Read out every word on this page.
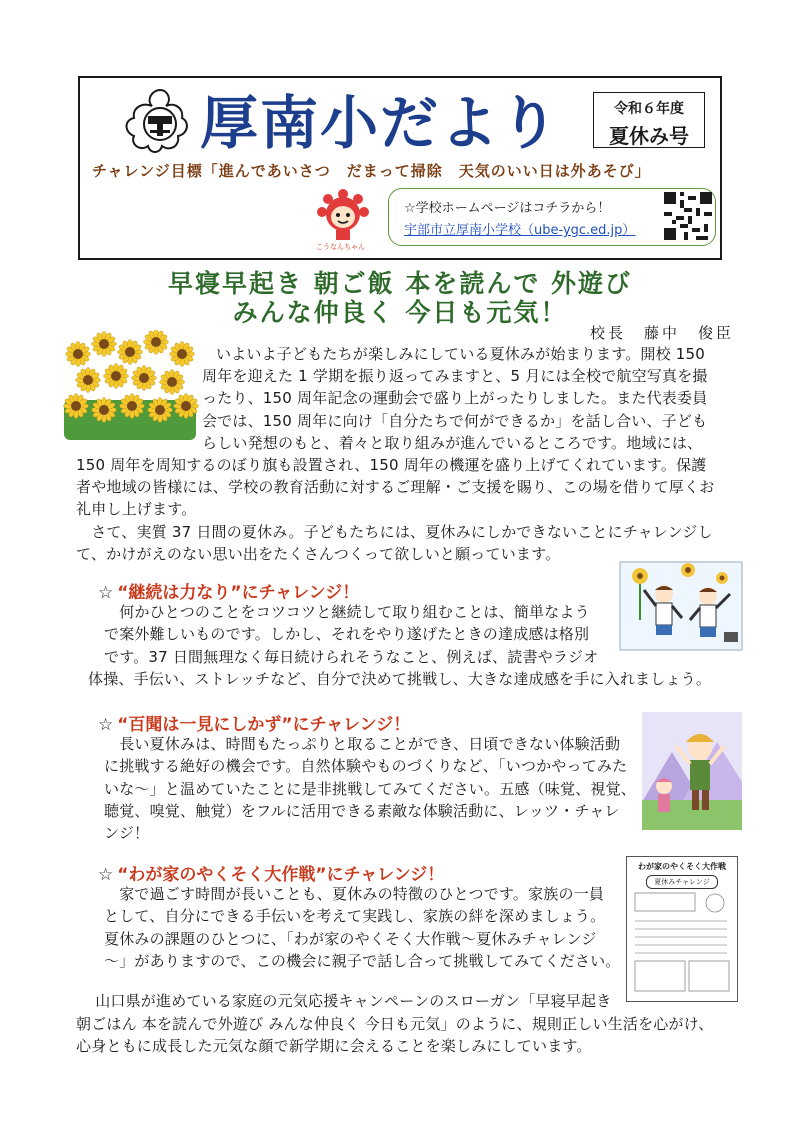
厚南小だより	令和６年度
夏休み号
チャレンジ目標「進んであいさつ　だまって掃除　天気のいい日は外あそび」
こうなんちゃん
☆学校ホームページはコチラから！
宇部市立厚南小学校（ube-ygc.ed.jp）
早寝早起き 朝ご飯 本を読んで 外遊び
みんな仲良く 今日も元気！
校長　藤中　俊臣
いよいよ子どもたちが楽しみにしている夏休みが始まります。開校 150
周年を迎えた 1 学期を振り返ってみますと、5 月には全校で航空写真を撮
ったり、150 周年記念の運動会で盛り上がったりしました。また代表委員
会では、150 周年に向け「自分たちで何ができるか」を話し合い、子ども
らしい発想のもと、着々と取り組みが進んでいるところです。地域には、
150 周年を周知するのぼり旗も設置され、150 周年の機運を盛り上げてくれています。保護
者や地域の皆様には、学校の教育活動に対するご理解・ご支援を賜り、この場を借りて厚くお
礼申し上げます。
　さて、実質 37 日間の夏休み。子どもたちには、夏休みにしかできないことにチャレンジし
て、かけがえのない思い出をたくさんつくって欲しいと願っています。
☆ “継続は力なり”にチャレンジ！
　何かひとつのことをコツコツと継続して取り組むことは、簡単なよう
で案外難しいものです。しかし、それをやり遂げたときの達成感は格別
です。37 日間無理なく毎日続けられそうなこと、例えば、読書やラジオ
体操、手伝い、ストレッチなど、自分で決めて挑戦し、大きな達成感を手に入れましょう。
☆ “百聞は一見にしかず”にチャレンジ！
　長い夏休みは、時間もたっぷりと取ることができ、日頃できない体験活動
に挑戦する絶好の機会です。自然体験やものづくりなど、「いつかやってみた
いな～」と温めていたことに是非挑戦してみてください。五感（味覚、視覚、
聴覚、嗅覚、触覚）をフルに活用できる素敵な体験活動に、レッツ・チャレ
ンジ！
☆ “わが家のやくそく大作戦”にチャレンジ！
　家で過ごす時間が長いことも、夏休みの特徴のひとつです。家族の一員
として、自分にできる手伝いを考えて実践し、家族の絆を深めましょう。
夏休みの課題のひとつに、「わが家のやくそく大作戦～夏休みチャレンジ
～」がありますので、この機会に親子で話し合って挑戦してみてください。
わが家のやくそく大作戦
夏休みチャレンジ
　山口県が進めている家庭の元気応援キャンペーンのスローガン「早寝早起き
朝ごはん 本を読んで外遊び みんな仲良く 今日も元気」のように、規則正しい生活を心がけ、
心身ともに成長した元気な顔で新学期に会えることを楽しみにしています。
